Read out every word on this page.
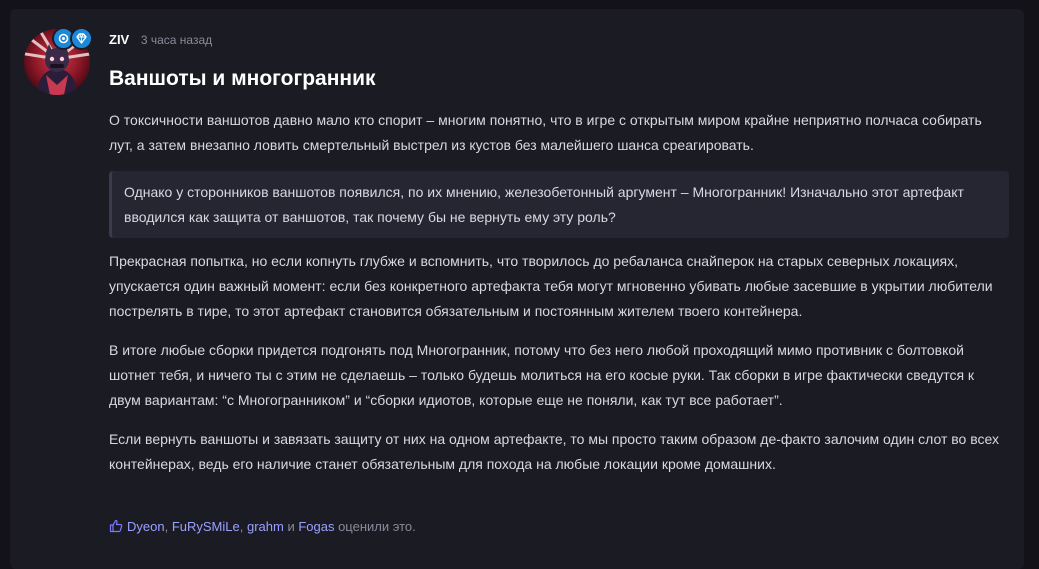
ZIV 3 часа назад
Ваншоты и многогранник

О токсичности ваншотов давно мало кто спорит – многим понятно, что в игре с открытым миром крайне неприятно полчаса собирать лут, а затем внезапно ловить смертельный выстрел из кустов без малейшего шанса среагировать.

Однако у сторонников ваншотов появился, по их мнению, железобетонный аргумент – Многогранник! Изначально этот артефакт вводился как защита от ваншотов, так почему бы не вернуть ему эту роль?

Прекрасная попытка, но если копнуть глубже и вспомнить, что творилось до ребаланса снайперок на старых северных локациях, упускается один важный момент: если без конкретного артефакта тебя могут мгновенно убивать любые засевшие в укрытии любители пострелять в тире, то этот артефакт становится обязательным и постоянным жителем твоего контейнера.

В итоге любые сборки придется подгонять под Многогранник, потому что без него любой проходящий мимо противник с болтовкой шотнет тебя, и ничего ты с этим не сделаешь – только будешь молиться на его косые руки. Так сборки в игре фактически сведутся к двум вариантам: “с Многогранником” и “сборки идиотов, которые еще не поняли, как тут все работает”.

Если вернуть ваншоты и завязать защиту от них на одном артефакте, то мы просто таким образом де-факто залочим один слот во всех контейнерах, ведь его наличие станет обязательным для похода на любые локации кроме домашних.

Dyeon, FuRySMiLe, grahm и Fogas оценили это.
